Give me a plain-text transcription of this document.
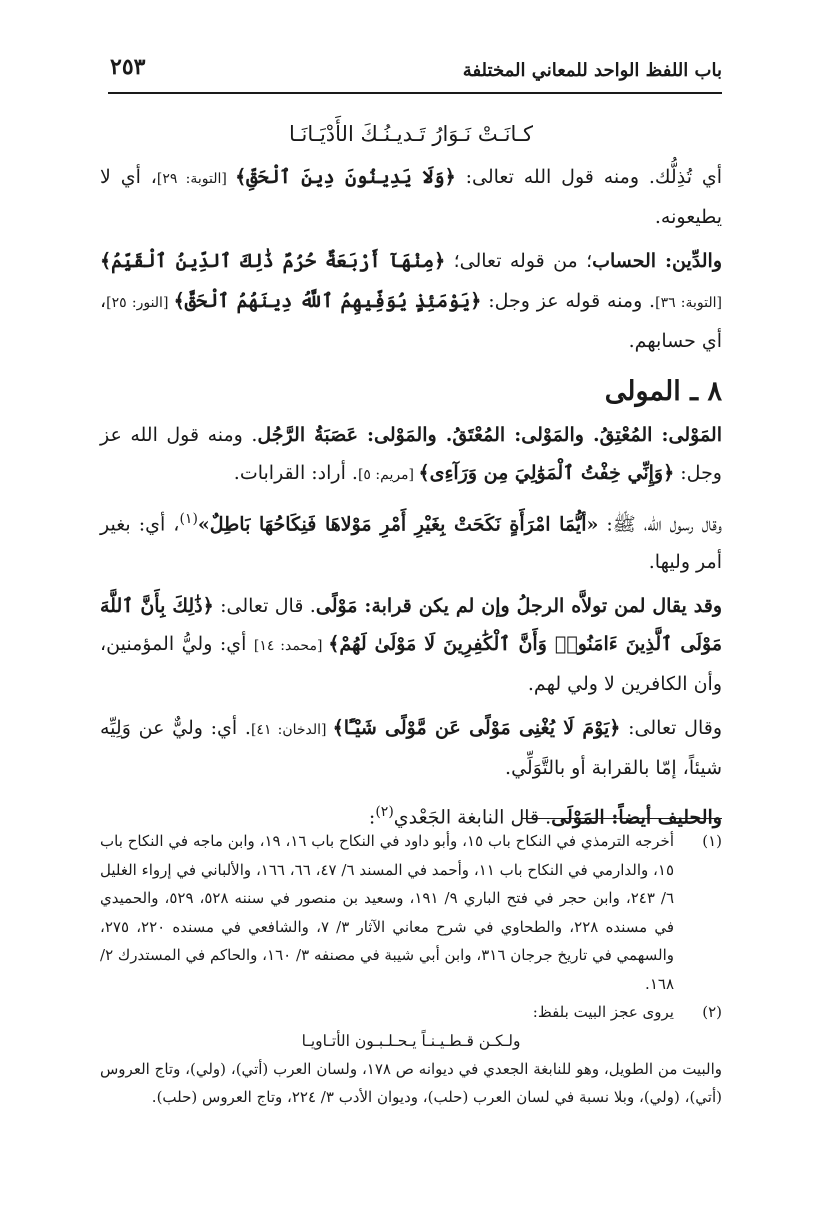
باب اللفظ الواحد للمعاني المختلفة
٢٥٣
كـانَـتْ نَـوَارُ تَـديـنُـكَ الأَدْيَـانَـا

أي تُذِلُّك. ومنه قول الله تعالى: ﴿وَلَا يَدِينُونَ دِينَ ٱلْحَقِّ﴾ [التوبة: ٢٩]، أي لا يطيعونه.

والدِّين: الحساب؛ من قوله تعالى؛ ﴿مِنْهَآ أَرْبَعَةٌ حُرُمٌ ذَٰلِكَ ٱلدِّينُ ٱلْقَيِّمُ﴾ [التوبة: ٣٦]. ومنه قوله عز وجل: ﴿يَوْمَئِذٍ يُوَفِّيهِمُ ٱللَّهُ دِينَهُمُ ٱلْحَقَّ﴾ [النور: ٢٥]، أي حسابهم.

٨ ـ المولى

المَوْلى: المُعْتِقُ. والمَوْلى: المُعْتَقُ. والمَوْلى: عَصَبَةُ الرَّجُل. ومنه قول الله عز وجل: ﴿وَإِنِّي خِفْتُ ٱلْمَوَٰلِيَ مِن وَرَآءِى﴾ [مريم: ٥]. أراد: القرابات.

وقال رسول الله، ﷺ: «أيُّمَا امْرَأَةٍ نَكَحَتْ بِغَيْرِ أَمْرِ مَوْلاهَا فَنِكَاحُهَا بَاطِلٌ»$^{(١)}$، أي: بغير أمر وليها.

وقد يقال لمن تولاَّه الرجلُ وإن لم يكن قرابة: مَوْلًى. قال تعالى: ﴿ذَٰلِكَ بِأَنَّ ٱللَّهَ مَوْلَى ٱلَّذِينَ ءَامَنُوا۟ وَأَنَّ ٱلْكَٰفِرِينَ لَا مَوْلَىٰ لَهُمْ﴾ [محمد: ١٤] أي: وليُّ المؤمنين، وأن الكافرين لا ولي لهم.

وقال تعالى: ﴿يَوْمَ لَا يُغْنِى مَوْلًى عَن مَّوْلًى شَيْـًٔا﴾ [الدخان: ٤١]. أي: وليٌّ عن وَلِيِّه شيئاً، إمّا بالقرابة أو بالتَّوَلِّي.

والحليف أيضاً: المَوْلَى. قال النابغة الجَعْدي$^{(٢)}$:

(١)
أخرجه الترمذي في النكاح باب ١٥، وأبو داود في النكاح باب ١٦، ١٩، وابن ماجه في النكاح باب ١٥، والدارمي في النكاح باب ١١، وأحمد في المسند ٦/ ٤٧، ٦٦، ١٦٦، والألباني في إرواء الغليل ٦/ ٢٤٣، وابن حجر في فتح الباري ٩/ ١٩١، وسعيد بن منصور في سننه ٥٢٨، ٥٢٩، والحميدي في مسنده ٢٢٨، والطحاوي في شرح معاني الآثار ٣/ ٧، والشافعي في مسنده ٢٢٠، ٢٧٥، والسهمي في تاريخ جرجان ٣١٦، وابن أبي شيبة في مصنفه ٣/ ١٦٠، والحاكم في المستدرك ٢/ ١٦٨.
(٢)
يروى عجز البيت بلفظ:
ولـكـن قـطـيـنـاً يـحـلـبـون الأتـاويـا
والبيت من الطويل، وهو للنابغة الجعدي في ديوانه ص ١٧٨، ولسان العرب (أتي)، (ولي)، وتاج العروس (أتي)، (ولي)، وبلا نسبة في لسان العرب (حلب)، وديوان الأدب ٣/ ٢٢٤، وتاج العروس (حلب).
